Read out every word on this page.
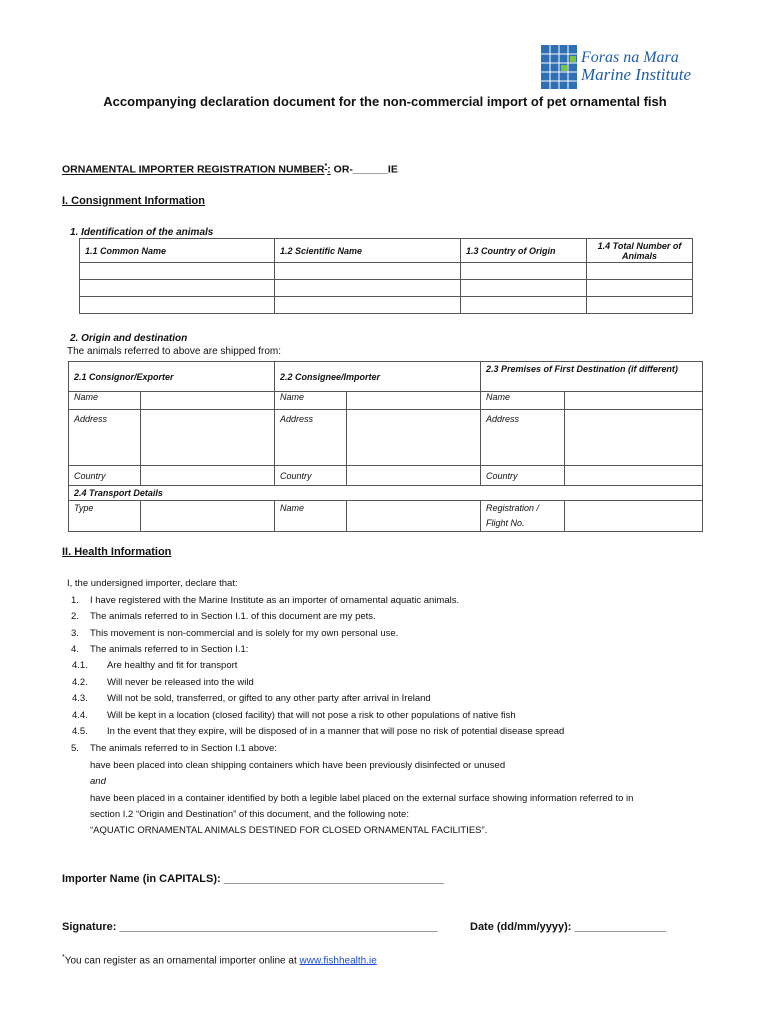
Foras na Mara
Marine Institute
Accompanying declaration document for the non-commercial import of pet ornamental fish
ORNAMENTAL IMPORTER REGISTRATION NUMBER*: OR-______IE
I. Consignment Information
1. Identification of the animals
1.1 Common Name	1.2 Scientific Name	1.3 Country of Origin	1.4 Total Number of Animals

2. Origin and destination
The animals referred to above are shipped from:
2.1 Consignor/Exporter		2.2 Consignee/Importer		2.3 Premises of First Destination (if different)	
Name		Name		Name	
Address		Address		Address	
Country		Country		Country	
2.4 Transport Details					
Type		Name		Registration / Flight No.	
II. Health Information
I, the undersigned importer, declare that:
1. I have registered with the Marine Institute as an importer of ornamental aquatic animals.
2. The animals referred to in Section I.1. of this document are my pets.
3. This movement is non-commercial and is solely for my own personal use.
4. The animals referred to in Section I.1:
4.1. Are healthy and fit for transport
4.2. Will never be released into the wild
4.3. Will not be sold, transferred, or gifted to any other party after arrival in Ireland
4.4. Will be kept in a location (closed facility) that will not pose a risk to other populations of native fish
4.5. In the event that they expire, will be disposed of in a manner that will pose no risk of potential disease spread
5. The animals referred to in Section I.1 above:
have been placed into clean shipping containers which have been previously disinfected or unused
and
have been placed in a container identified by both a legible label placed on the external surface showing information referred to in
section I.2 “Origin and Destination” of this document, and the following note:
“AQUATIC ORNAMENTAL ANIMALS DESTINED FOR CLOSED ORNAMENTAL FACILITIES”.
Importer Name (in CAPITALS): ____________________________________
Signature: ____________________________________________________	Date (dd/mm/yyyy): _______________
*You can register as an ornamental importer online at www.fishhealth.ie
